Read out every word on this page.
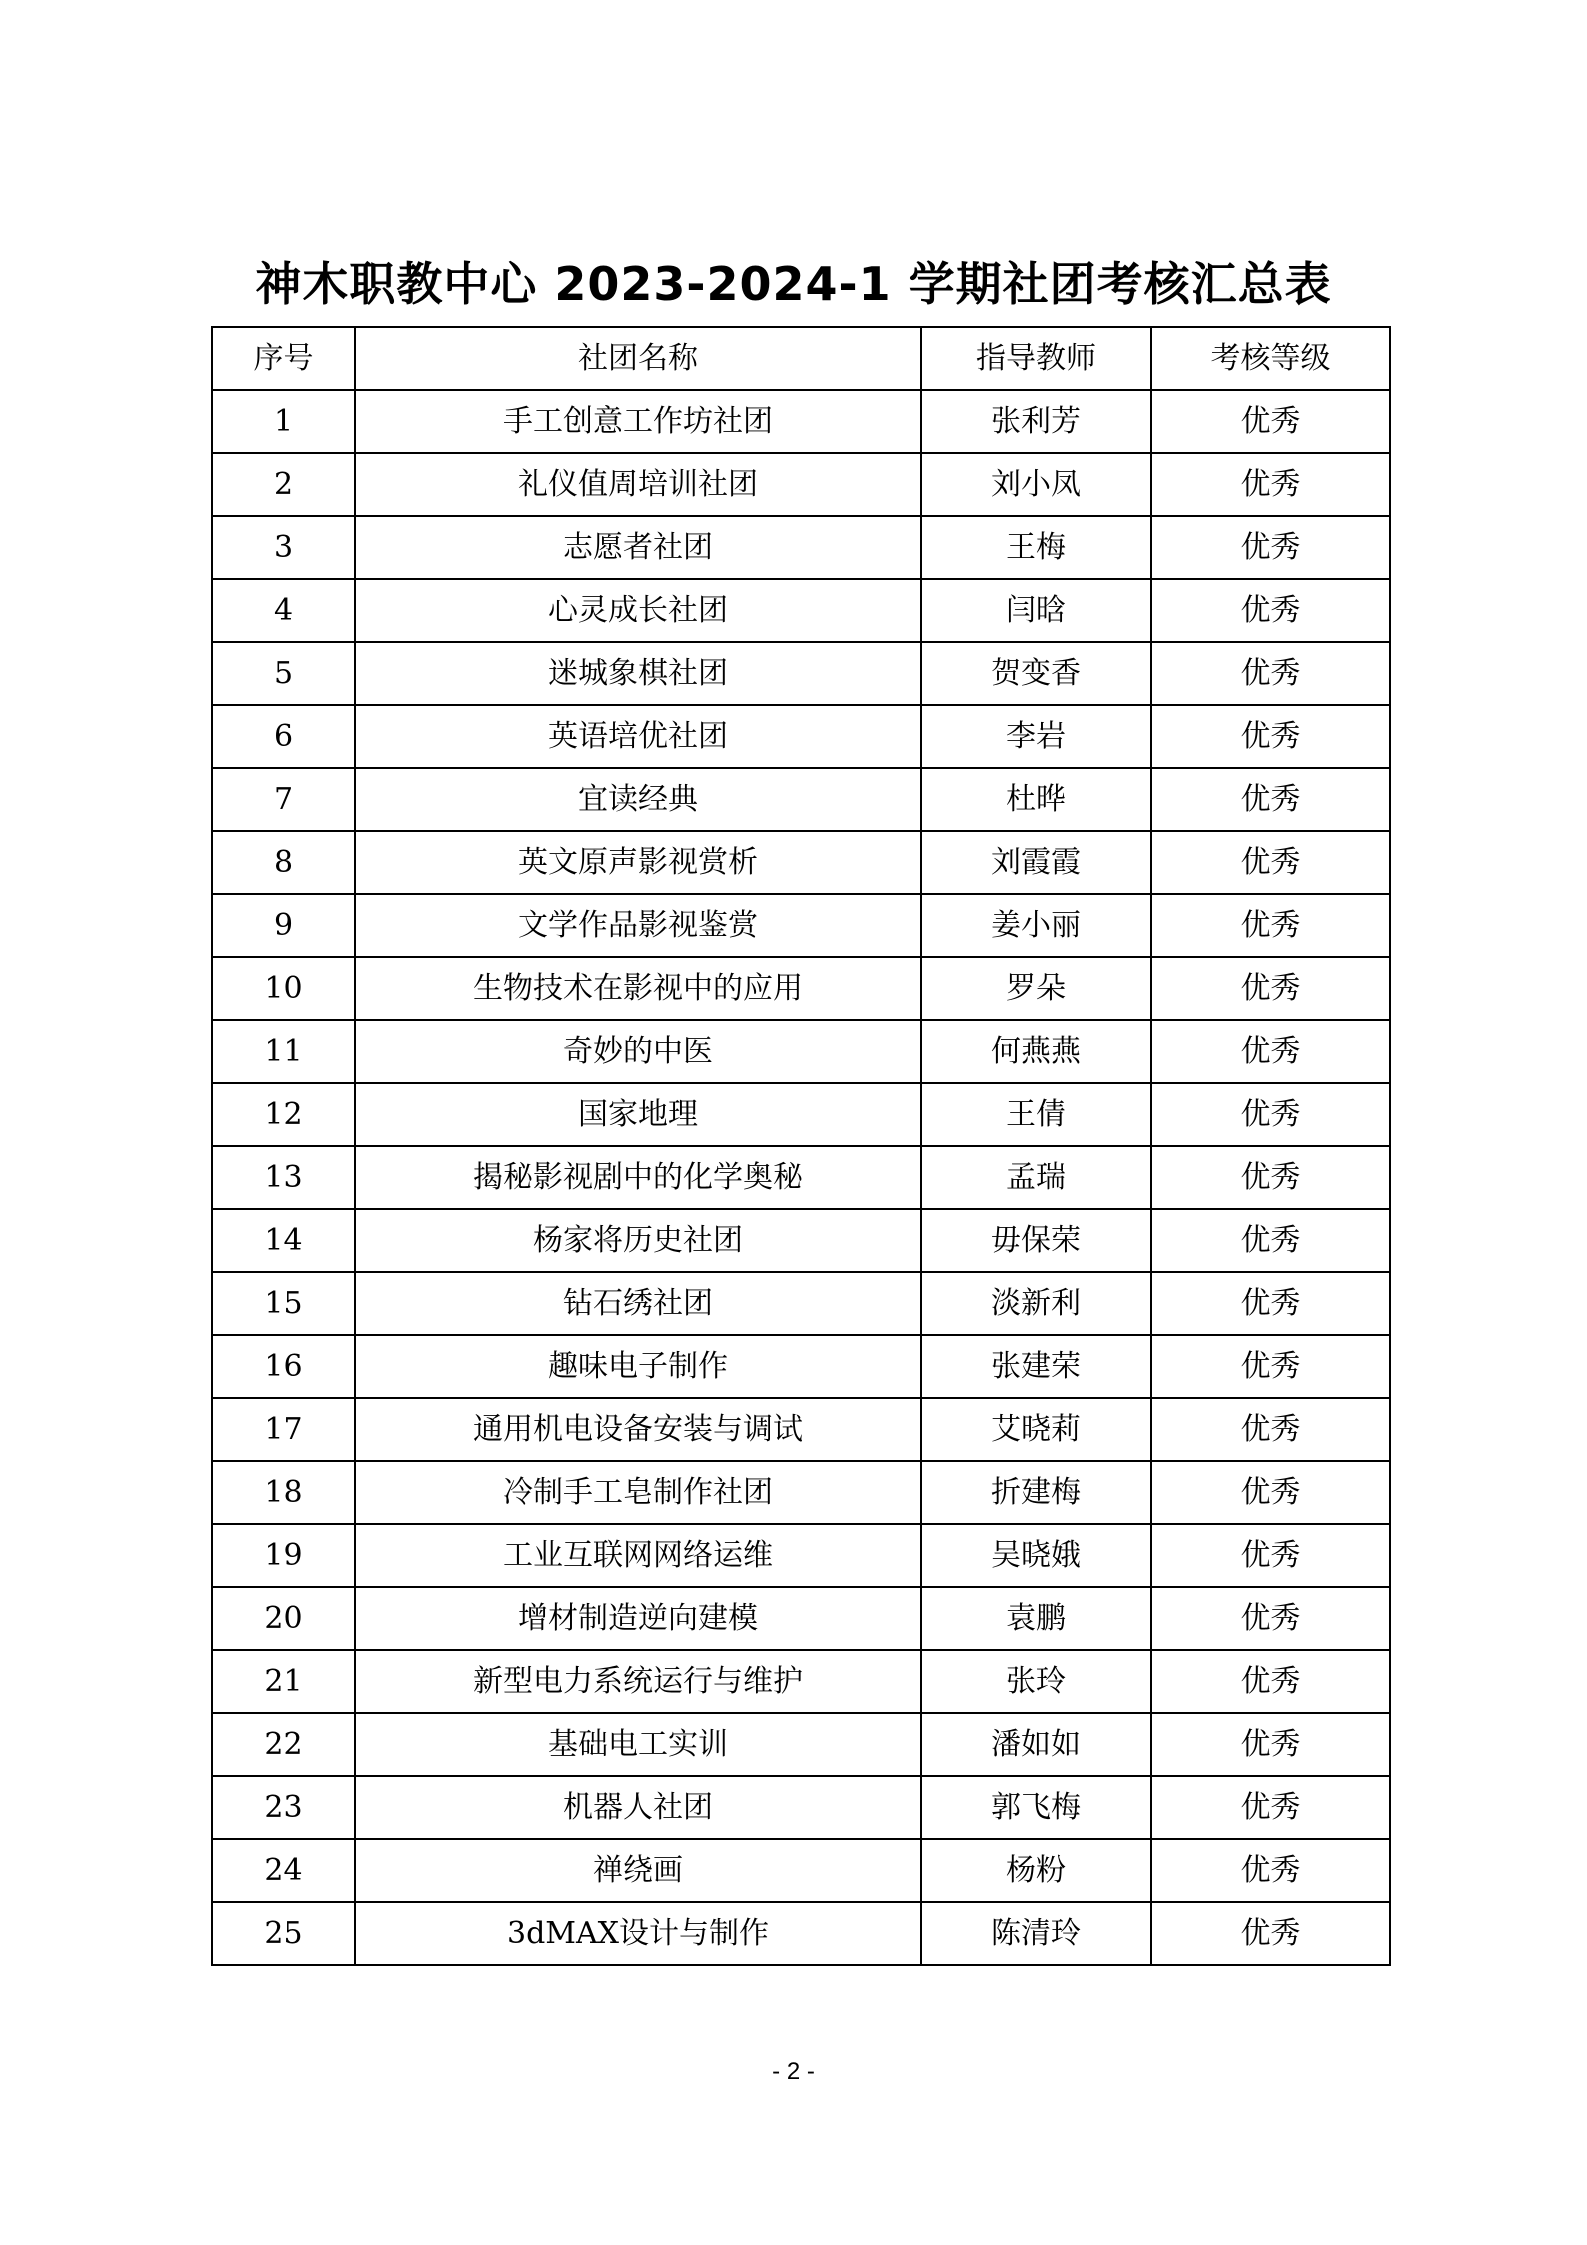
神木职教中心 2023-2024-1 学期社团考核汇总表
序号	社团名称	指导教师	考核等级
1	手工创意工作坊社团	张利芳	优秀
2	礼仪值周培训社团	刘小凤	优秀
3	志愿者社团	王梅	优秀
4	心灵成长社团	闫晗	优秀
5	迷城象棋社团	贺变香	优秀
6	英语培优社团	李岩	优秀
7	宜读经典	杜晔	优秀
8	英文原声影视赏析	刘霞霞	优秀
9	文学作品影视鉴赏	姜小丽	优秀
10	生物技术在影视中的应用	罗朵	优秀
11	奇妙的中医	何燕燕	优秀
12	国家地理	王倩	优秀
13	揭秘影视剧中的化学奥秘	孟瑞	优秀
14	杨家将历史社团	毋保荣	优秀
15	钻石绣社团	淡新利	优秀
16	趣味电子制作	张建荣	优秀
17	通用机电设备安装与调试	艾晓莉	优秀
18	冷制手工皂制作社团	折建梅	优秀
19	工业互联网网络运维	吴晓娥	优秀
20	增材制造逆向建模	袁鹏	优秀
21	新型电力系统运行与维护	张玲	优秀
22	基础电工实训	潘如如	优秀
23	机器人社团	郭飞梅	优秀
24	禅绕画	杨粉	优秀
25	3dMAX设计与制作	陈清玲	优秀
- 2 -
